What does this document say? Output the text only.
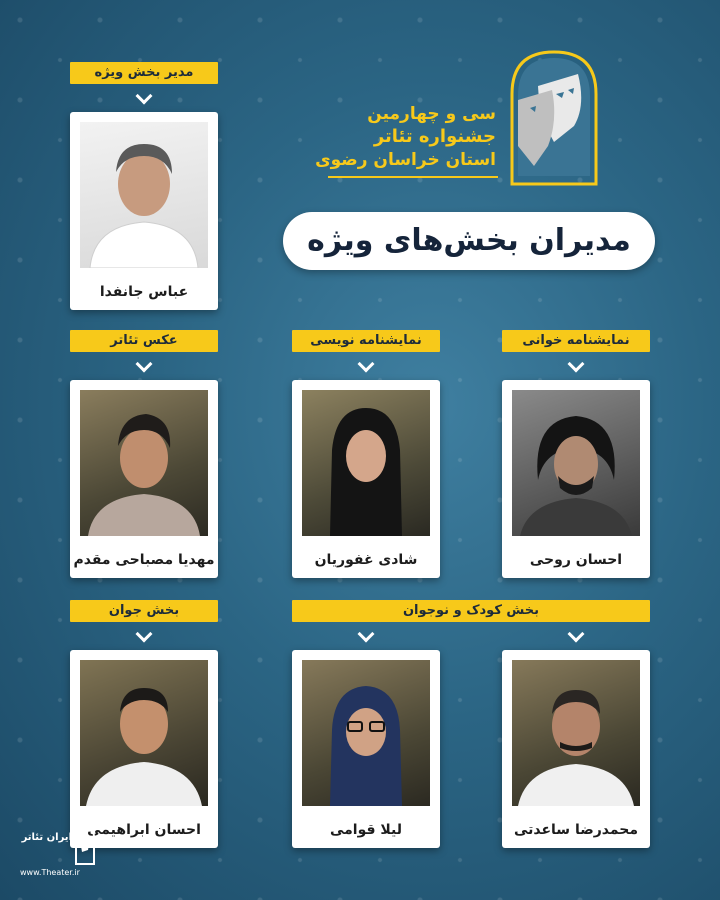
سی و چهارمین
جشنواره تئاتر
استان خراسان رضوی
مدیران بخش‌های ویژه
مدیر بخش ویژه
عکس تئاتر	نمایشنامه نویسی	نمایشنامه خوانی
بخش جوان	بخش کودک و نوجوان
عباس جانفدا
مهدیا مصباحی مقدم	شادی غفوریان	احسان روحی
احسان ابراهیمی	لیلا قوامی	محمدرضا ساعدتی
ایران تئاتر
www.Theater.ir
